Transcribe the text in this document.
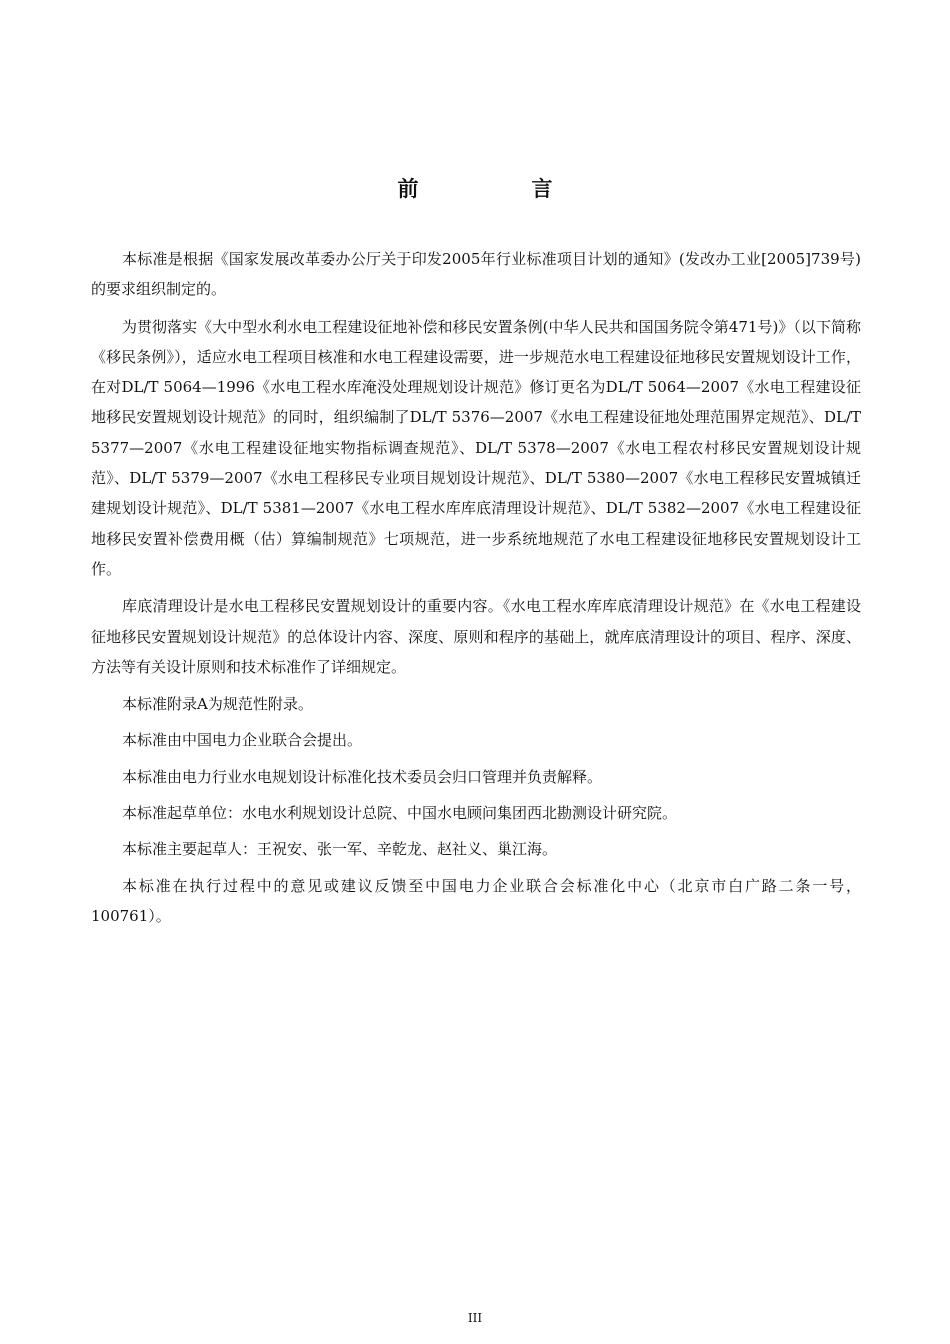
前　言

本标准是根据《国家发展改革委办公厅关于印发2005年行业标准项目计划的通知》(发改办工业[2005]739号)的要求组织制定的。

为贯彻落实《大中型水利水电工程建设征地补偿和移民安置条例(中华人民共和国国务院令第471号)》（以下简称《移民条例》），适应水电工程项目核准和水电工程建设需要，进一步规范水电工程建设征地移民安置规划设计工作，在对DL/T 5064—1996《水电工程水库淹没处理规划设计规范》修订更名为DL/T 5064—2007《水电工程建设征地移民安置规划设计规范》的同时，组织编制了DL/T 5376—2007《水电工程建设征地处理范围界定规范》、DL/T 5377—2007《水电工程建设征地实物指标调查规范》、DL/T 5378—2007《水电工程农村移民安置规划设计规范》、DL/T 5379—2007《水电工程移民专业项目规划设计规范》、DL/T 5380—2007《水电工程移民安置城镇迁建规划设计规范》、DL/T 5381—2007《水电工程水库库底清理设计规范》、DL/T 5382—2007《水电工程建设征地移民安置补偿费用概（估）算编制规范》七项规范，进一步系统地规范了水电工程建设征地移民安置规划设计工作。

库底清理设计是水电工程移民安置规划设计的重要内容。《水电工程水库库底清理设计规范》在《水电工程建设征地移民安置规划设计规范》的总体设计内容、深度、原则和程序的基础上，就库底清理设计的项目、程序、深度、方法等有关设计原则和技术标准作了详细规定。

本标准附录A为规范性附录。

本标准由中国电力企业联合会提出。

本标准由电力行业水电规划设计标准化技术委员会归口管理并负责解释。

本标准起草单位：水电水利规划设计总院、中国水电顾问集团西北勘测设计研究院。

本标准主要起草人：王祝安、张一军、辛乾龙、赵社义、巢江海。

本标准在执行过程中的意见或建议反馈至中国电力企业联合会标准化中心（北京市白广路二条一号，100761）。

III
